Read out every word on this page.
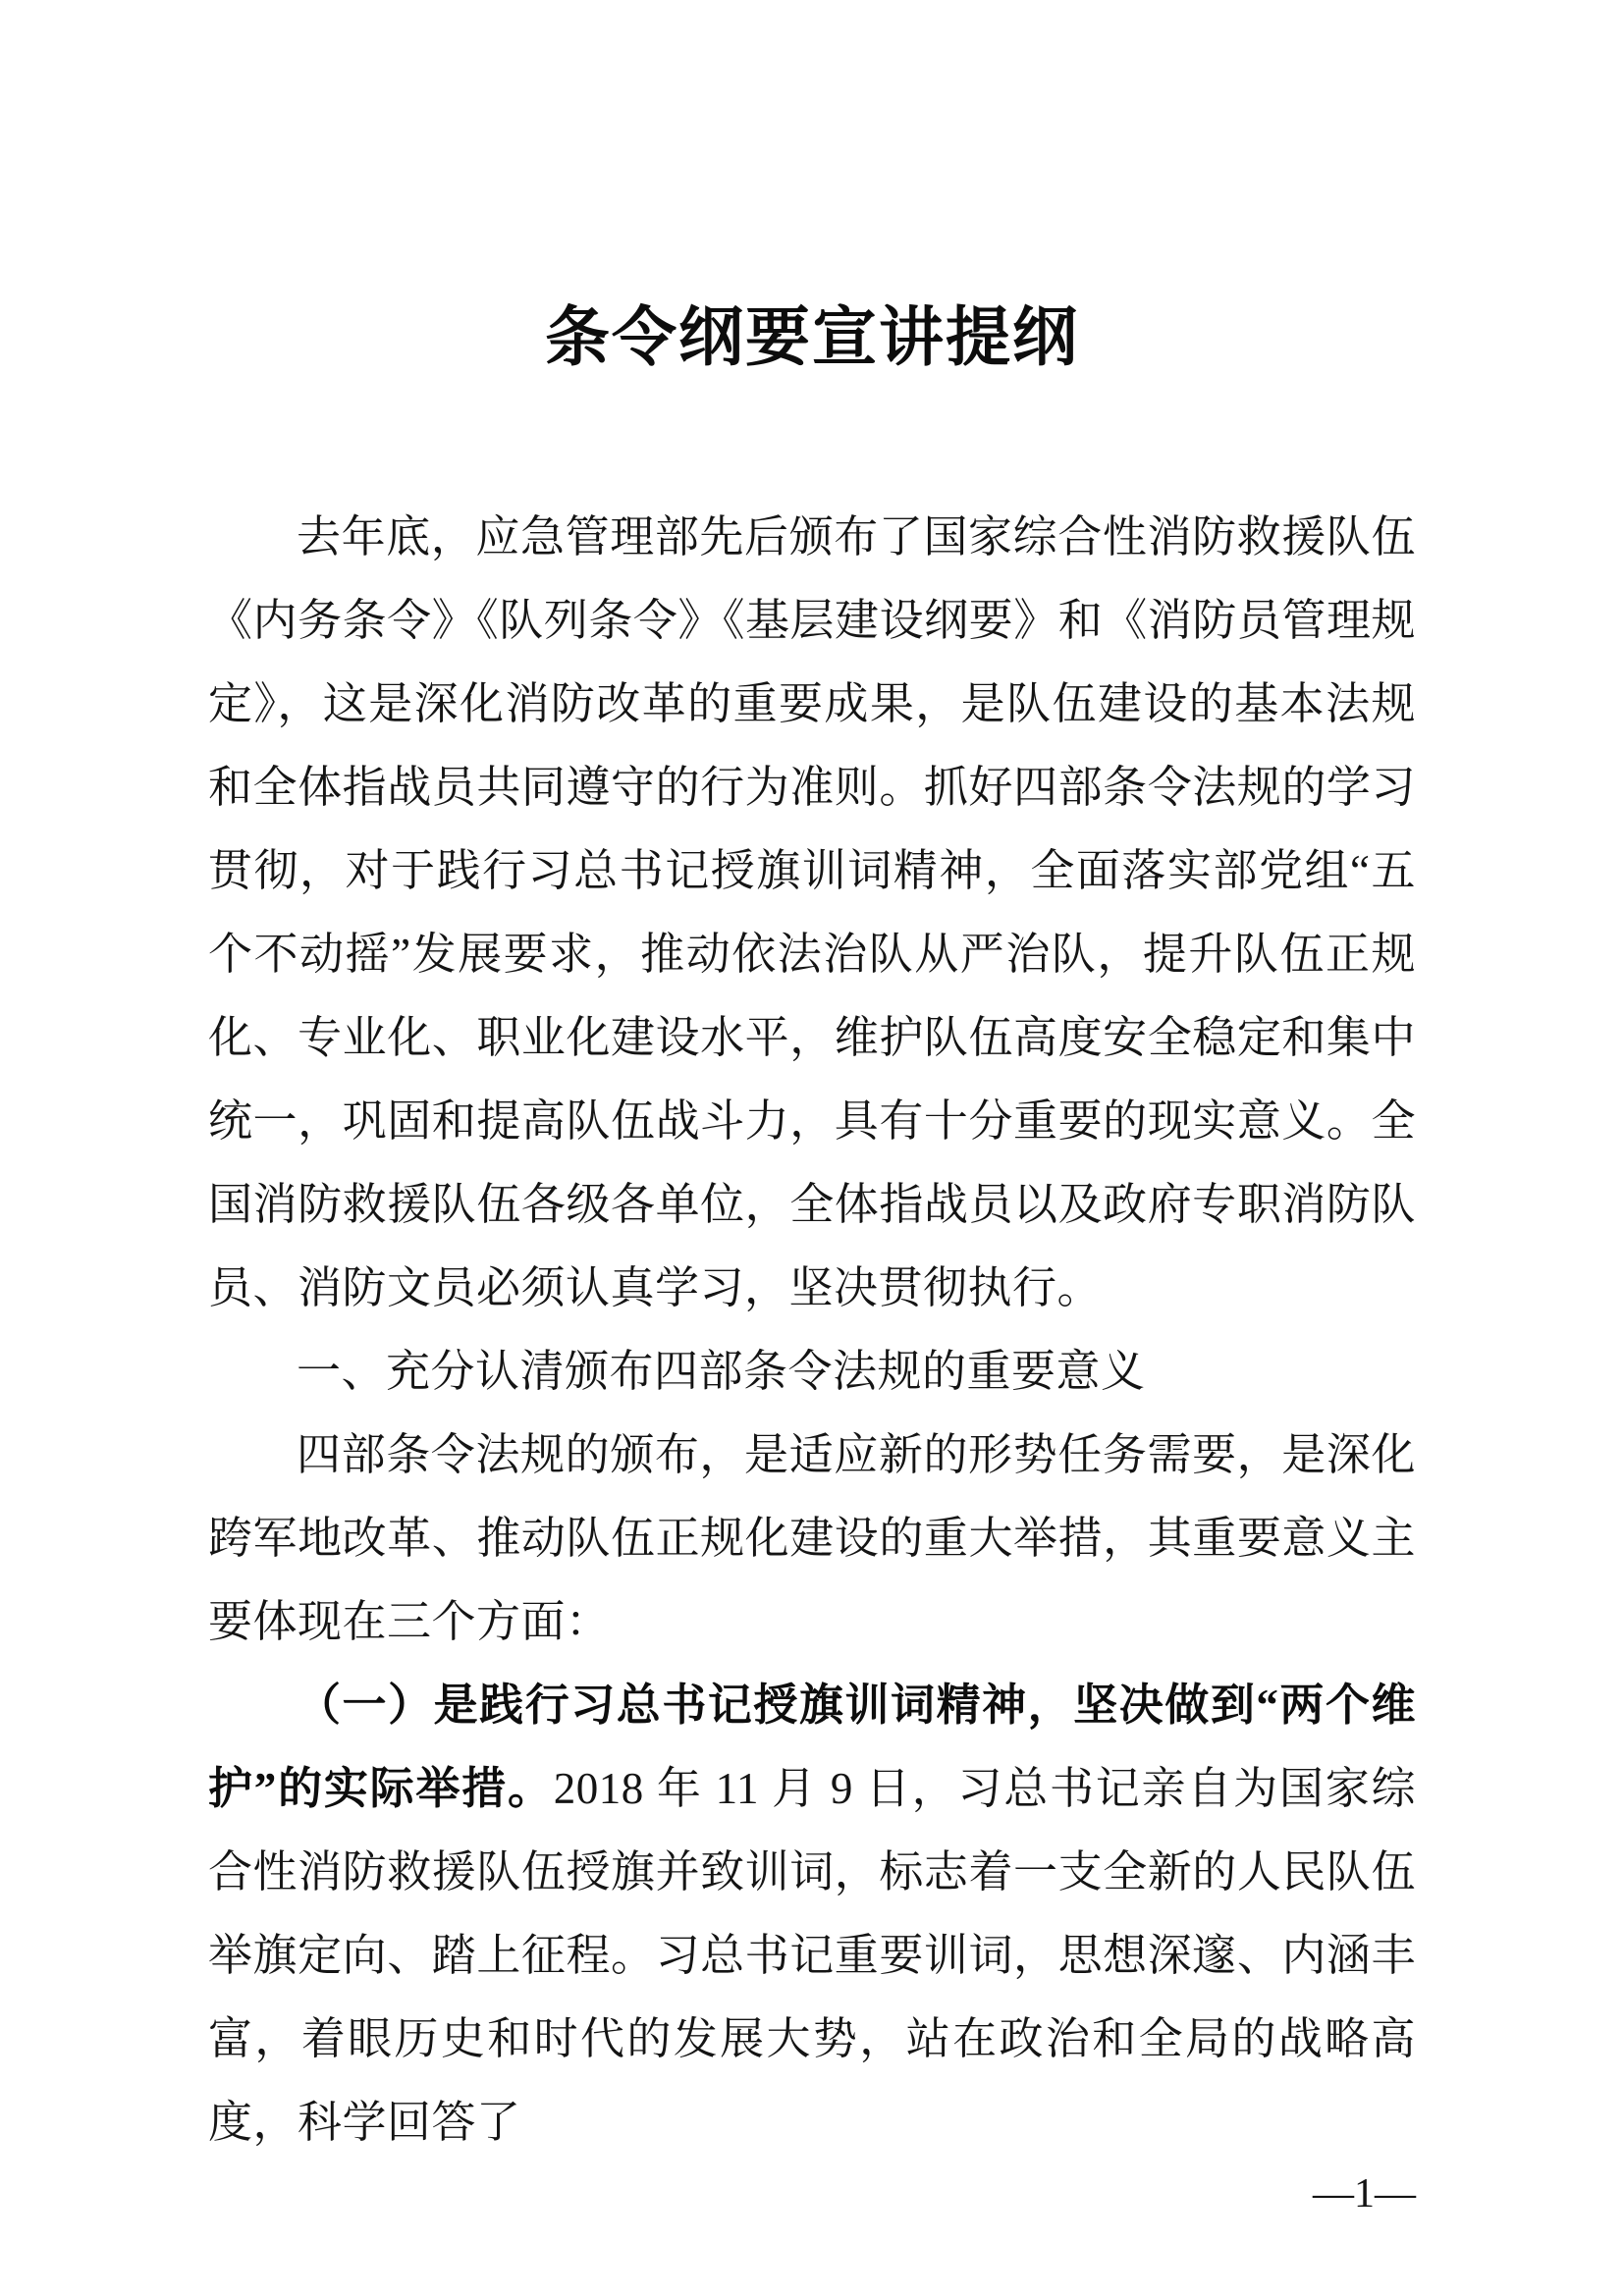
条令纲要宣讲提纲

去年底，应急管理部先后颁布了国家综合性消防救援队伍《内务条令》《队列条令》《基层建设纲要》和《消防员管理规定》，这是深化消防改革的重要成果，是队伍建设的基本法规和全体指战员共同遵守的行为准则。抓好四部条令法规的学习贯彻，对于践行习总书记授旗训词精神，全面落实部党组“五个不动摇”发展要求，推动依法治队从严治队，提升队伍正规化、专业化、职业化建设水平，维护队伍高度安全稳定和集中统一，巩固和提高队伍战斗力，具有十分重要的现实意义。全国消防救援队伍各级各单位，全体指战员以及政府专职消防队员、消防文员必须认真学习，坚决贯彻执行。

一、充分认清颁布四部条令法规的重要意义

四部条令法规的颁布，是适应新的形势任务需要，是深化跨军地改革、推动队伍正规化建设的重大举措，其重要意义主要体现在三个方面：

（一）是践行习总书记授旗训词精神，坚决做到“两个维护”的实际举措。2018 年 11 月 9 日，习总书记亲自为国家综合性消防救援队伍授旗并致训词，标志着一支全新的人民队伍举旗定向、踏上征程。习总书记重要训词，思想深邃、内涵丰富，着眼历史和时代的发展大势，站在政治和全局的战略高度，科学回答了

—1—
